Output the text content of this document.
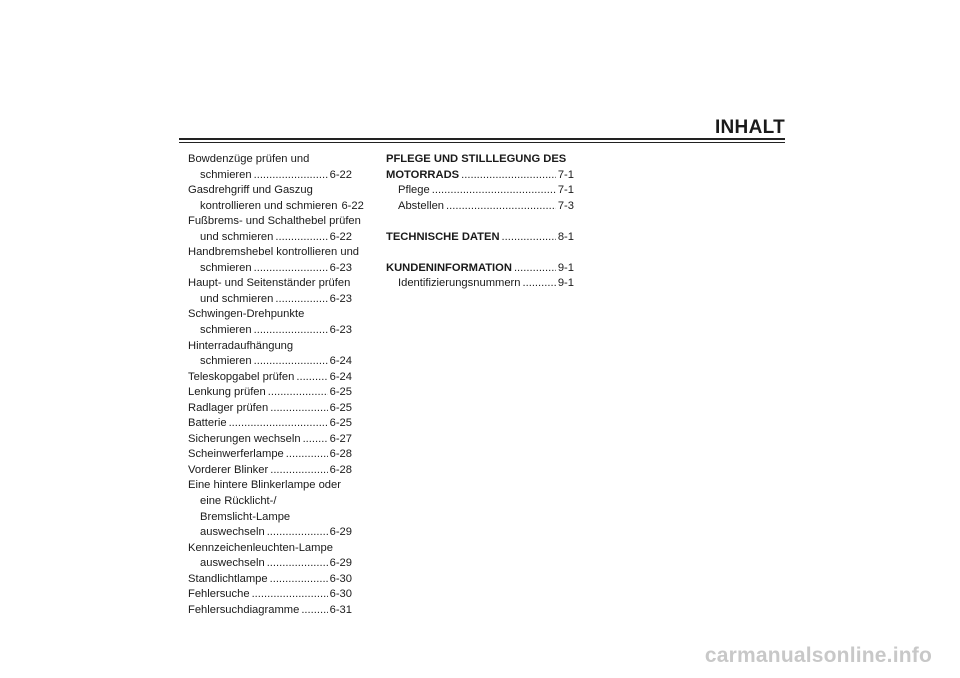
INHALT
Bowdenzüge prüfen und
schmieren .....	6-22
Gasdrehgriff und Gaszug
kontrollieren und schmieren 6-22
Fußbrems- und Schalthebel prüfen
und schmieren .....	6-22
Handbremshebel kontrollieren und
schmieren .....	6-23
Haupt- und Seitenständer prüfen
und schmieren .....	6-23
Schwingen-Drehpunkte
schmieren .....	6-23
Hinterradaufhängung
schmieren .....	6-24
Teleskopgabel prüfen .....	6-24
Lenkung prüfen .....	6-25
Radlager prüfen .....	6-25
Batterie .....	6-25
Sicherungen wechseln .....	6-27
Scheinwerferlampe .....	6-28
Vorderer Blinker .....	6-28
Eine hintere Blinkerlampe oder
eine Rücklicht-/
Bremslicht-Lampe
auswechseln .....	6-29
Kennzeichenleuchten-Lampe
auswechseln .....	6-29
Standlichtlampe .....	6-30
Fehlersuche .....	6-30
Fehlersuchdiagramme .....	6-31
PFLEGE UND STILLLEGUNG DES
MOTORRADS .....	7-1
Pflege .....	7-1
Abstellen .....	7-3
TECHNISCHE DATEN .....	8-1
KUNDENINFORMATION .....	9-1
Identifizierungsnummern .....	9-1
carmanualsonline.info
